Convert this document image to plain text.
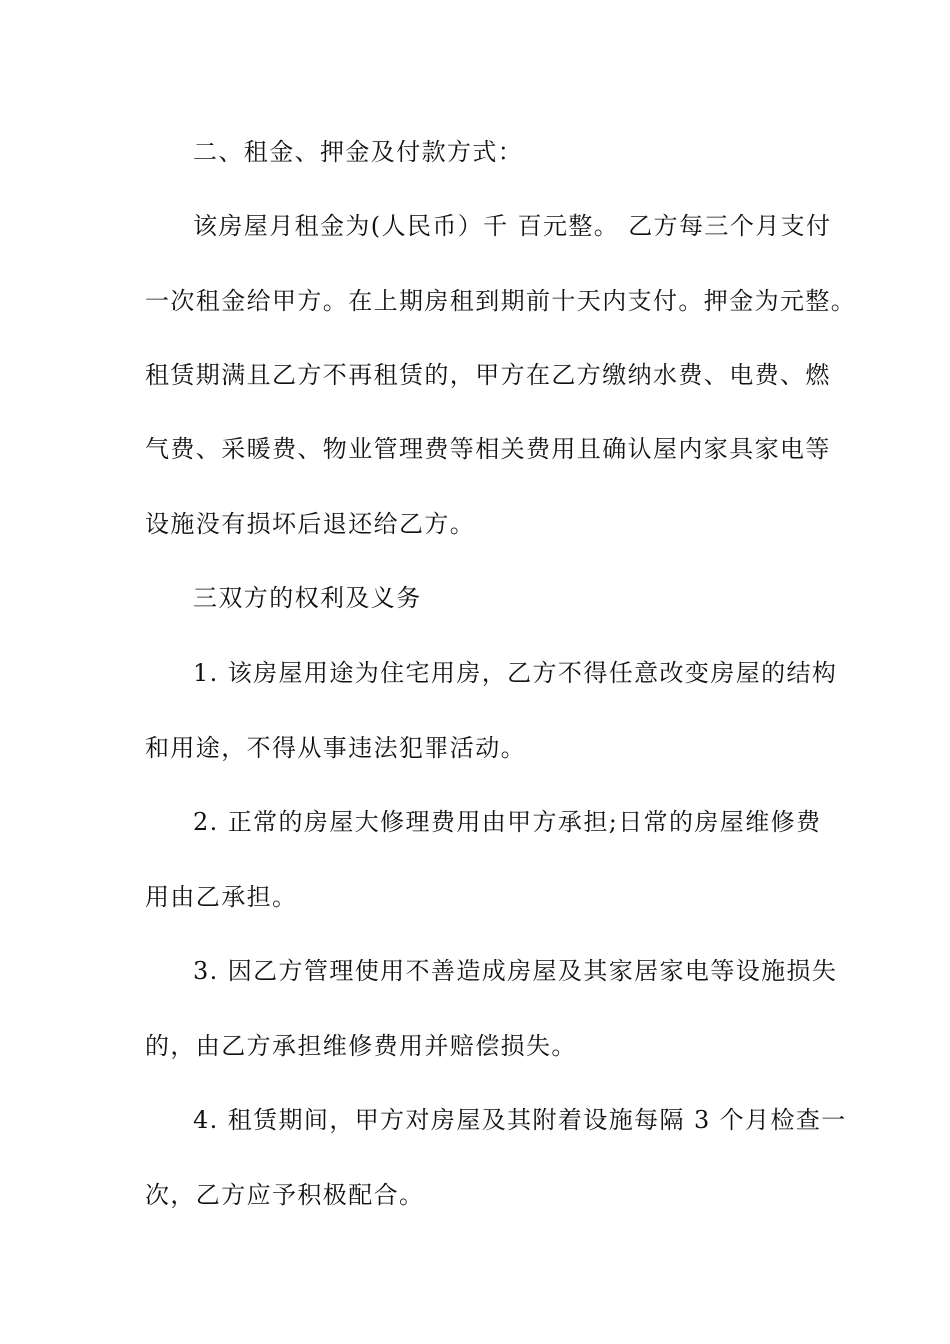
二、租金、押金及付款方式：
该房屋月租金为(人民币）千 百元整。 乙方每三个月支付
一次租金给甲方。在上期房租到期前十天内支付。押金为元整。
租赁期满且乙方不再租赁的，甲方在乙方缴纳水费、电费、燃
气费、采暖费、物业管理费等相关费用且确认屋内家具家电等
设施没有损坏后退还给乙方。
三双方的权利及义务
1. 该房屋用途为住宅用房，乙方不得任意改变房屋的结构
和用途，不得从事违法犯罪活动。
2. 正常的房屋大修理费用由甲方承担;日常的房屋维修费
用由乙承担。
3. 因乙方管理使用不善造成房屋及其家居家电等设施损失
的，由乙方承担维修费用并赔偿损失。
4. 租赁期间，甲方对房屋及其附着设施每隔 3 个月检查一
次，乙方应予积极配合。
